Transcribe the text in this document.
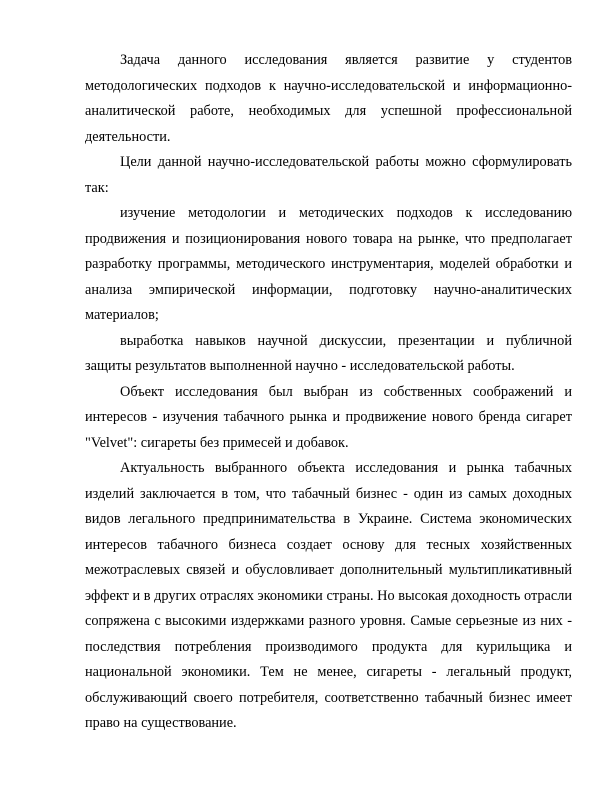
Задача данного исследования является развитие у студентов методологических подходов к научно-исследовательской и информационно-аналитической работе, необходимых для успешной профессиональной деятельности.

Цели данной научно-исследовательской работы можно сформулировать так:

изучение методологии и методических подходов к исследованию продвижения и позиционирования нового товара на рынке, что предполагает разработку программы, методического инструментария, моделей обработки и анализа эмпирической информации, подготовку научно-аналитических материалов;

выработка навыков научной дискуссии, презентации и публичной защиты результатов выполненной научно - исследовательской работы.

Объект исследования был выбран из собственных соображений и интересов - изучения табачного рынка и продвижение нового бренда сигарет "Velvet": сигареты без примесей и добавок.

Актуальность выбранного объекта исследования и рынка табачных изделий заключается в том, что табачный бизнес - один из самых доходных видов легального предпринимательства в Украине. Система экономических интересов табачного бизнеса создает основу для тесных хозяйственных межотраслевых связей и обусловливает дополнительный мультипликативный эффект и в других отраслях экономики страны. Но высокая доходность отрасли сопряжена с высокими издержками разного уровня. Самые серьезные из них - последствия потребления производимого продукта для курильщика и национальной экономики. Тем не менее, сигареты - легальный продукт, обслуживающий своего потребителя, соответственно табачный бизнес имеет право на существование.
